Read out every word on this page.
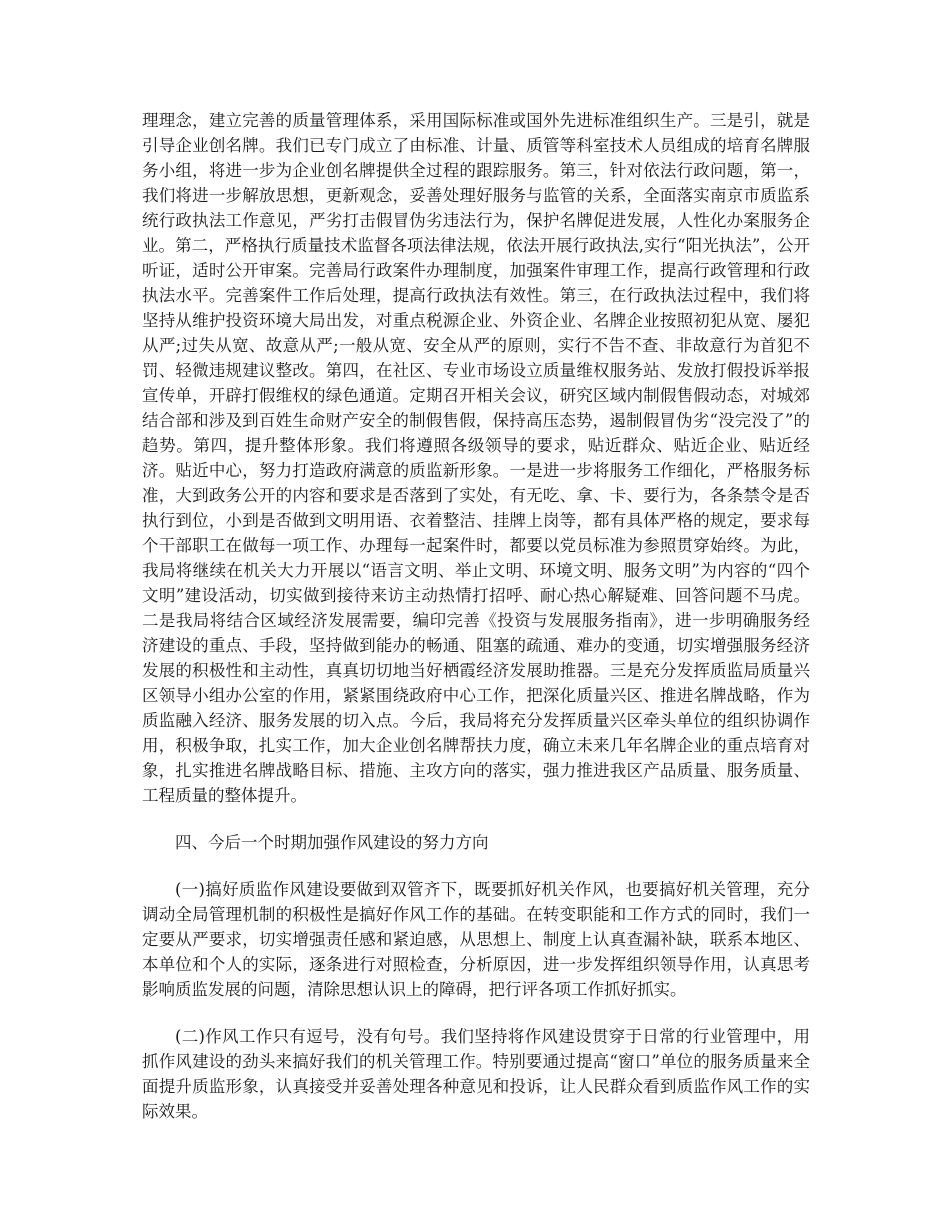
理理念，建立完善的质量管理体系，采用国际标准或国外先进标准组织生产。三是引，就是引导企业创名牌。我们已专门成立了由标准、计量、质管等科室技术人员组成的培育名牌服务小组，将进一步为企业创名牌提供全过程的跟踪服务。第三，针对依法行政问题，第一，我们将进一步解放思想，更新观念，妥善处理好服务与监管的关系，全面落实南京市质监系统行政执法工作意见，严劣打击假冒伪劣违法行为，保护名牌促进发展，人性化办案服务企业。第二，严格执行质量技术监督各项法律法规，依法开展行政执法,实行“阳光执法”，公开听证，适时公开审案。完善局行政案件办理制度，加强案件审理工作，提高行政管理和行政执法水平。完善案件工作后处理，提高行政执法有效性。第三，在行政执法过程中，我们将坚持从维护投资环境大局出发，对重点税源企业、外资企业、名牌企业按照初犯从宽、屡犯从严;过失从宽、故意从严;一般从宽、安全从严的原则，实行不告不查、非故意行为首犯不罚、轻微违规建议整改。第四，在社区、专业市场设立质量维权服务站、发放打假投诉举报宣传单，开辟打假维权的绿色通道。定期召开相关会议，研究区域内制假售假动态，对城郊结合部和涉及到百姓生命财产安全的制假售假，保持高压态势，遏制假冒伪劣“没完没了”的趋势。第四，提升整体形象。我们将遵照各级领导的要求，贴近群众、贴近企业、贴近经济。贴近中心，努力打造政府满意的质监新形象。一是进一步将服务工作细化，严格服务标准，大到政务公开的内容和要求是否落到了实处，有无吃、拿、卡、要行为，各条禁令是否执行到位，小到是否做到文明用语、衣着整洁、挂牌上岗等，都有具体严格的规定，要求每个干部职工在做每一项工作、办理每一起案件时，都要以党员标准为参照贯穿始终。为此，我局将继续在机关大力开展以“语言文明、举止文明、环境文明、服务文明”为内容的“四个文明”建设活动，切实做到接待来访主动热情打招呼、耐心热心解疑难、回答问题不马虎。二是我局将结合区域经济发展需要，编印完善《投资与发展服务指南》，进一步明确服务经济建设的重点、手段，坚持做到能办的畅通、阻塞的疏通、难办的变通，切实增强服务经济发展的积极性和主动性，真真切切地当好栖霞经济发展助推器。三是充分发挥质监局质量兴区领导小组办公室的作用，紧紧围绕政府中心工作，把深化质量兴区、推进名牌战略，作为质监融入经济、服务发展的切入点。今后，我局将充分发挥质量兴区牵头单位的组织协调作用，积极争取，扎实工作，加大企业创名牌帮扶力度，确立未来几年名牌企业的重点培育对象，扎实推进名牌战略目标、措施、主攻方向的落实，强力推进我区产品质量、服务质量、工程质量的整体提升。

四、今后一个时期加强作风建设的努力方向

(一)搞好质监作风建设要做到双管齐下，既要抓好机关作风，也要搞好机关管理，充分调动全局管理机制的积极性是搞好作风工作的基础。在转变职能和工作方式的同时，我们一定要从严要求，切实增强责任感和紧迫感，从思想上、制度上认真查漏补缺，联系本地区、本单位和个人的实际，逐条进行对照检查，分析原因，进一步发挥组织领导作用，认真思考影响质监发展的问题，清除思想认识上的障碍，把行评各项工作抓好抓实。

(二)作风工作只有逗号，没有句号。我们坚持将作风建设贯穿于日常的行业管理中，用抓作风建设的劲头来搞好我们的机关管理工作。特别要通过提高“窗口”单位的服务质量来全面提升质监形象，认真接受并妥善处理各种意见和投诉，让人民群众看到质监作风工作的实际效果。
